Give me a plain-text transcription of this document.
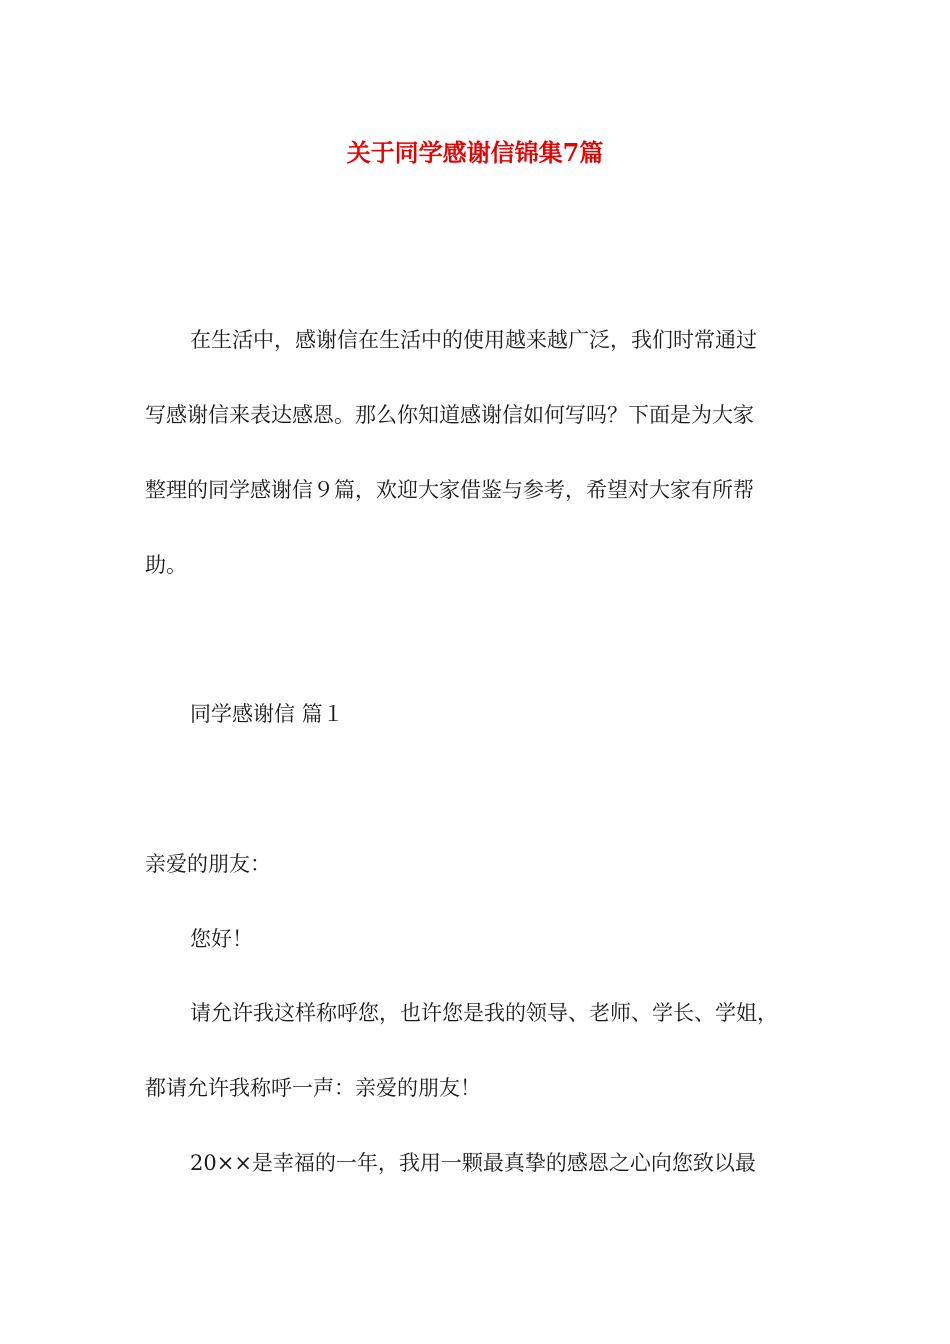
关于同学感谢信锦集7篇
在生活中，感谢信在生活中的使用越来越广泛，我们时常通过
写感谢信来表达感恩。那么你知道感谢信如何写吗？下面是为大家
整理的同学感谢信９篇，欢迎大家借鉴与参考，希望对大家有所帮
助。
同学感谢信 篇１
亲爱的朋友：
您好！
请允许我这样称呼您，也许您是我的领导、老师、学长、学姐，
都请允许我称呼一声：亲爱的朋友！
20××是幸福的一年，我用一颗最真挚的感恩之心向您致以最
